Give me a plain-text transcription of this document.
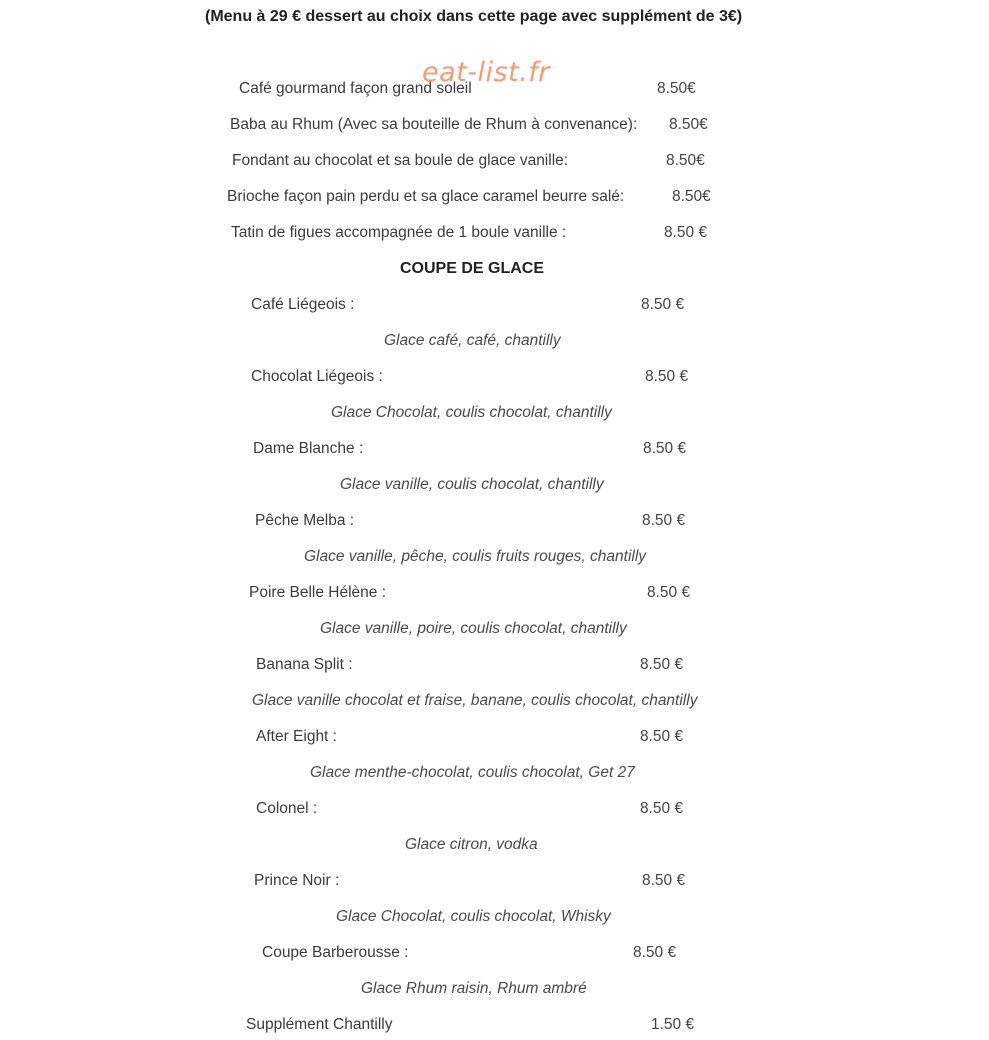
(Menu à 29 € dessert au choix dans cette page avec supplément de 3€)
Café gourmand façon grand soleil	8.50€
Baba au Rhum (Avec sa bouteille de Rhum à convenance): 8.50€
Fondant au chocolat et sa boule de glace vanille:	8.50€
Brioche façon pain perdu et sa glace caramel beurre salé:	8.50€
Tatin de figues accompagnée de 1 boule vanille :	8.50 €
eat-list.fr
COUPE DE GLACE
Café Liégeois :	8.50 €
Glace café, café, chantilly
Chocolat Liégeois :	8.50 €
Glace Chocolat, coulis chocolat, chantilly
Dame Blanche :	8.50 €
Glace vanille, coulis chocolat, chantilly
Pêche Melba :	8.50 €
Glace vanille, pêche, coulis fruits rouges, chantilly
Poire Belle Hélène :	8.50 €
Glace vanille, poire, coulis chocolat, chantilly
Banana Split :	8.50 €
Glace vanille chocolat et fraise, banane, coulis chocolat, chantilly
After Eight :	8.50 €
Glace menthe-chocolat, coulis chocolat, Get 27
Colonel :	8.50 €
Glace citron, vodka
Prince Noir :	8.50 €
Glace Chocolat, coulis chocolat, Whisky
Coupe Barberousse :	8.50 €
Glace Rhum raisin, Rhum ambré
Supplément Chantilly	1.50 €
